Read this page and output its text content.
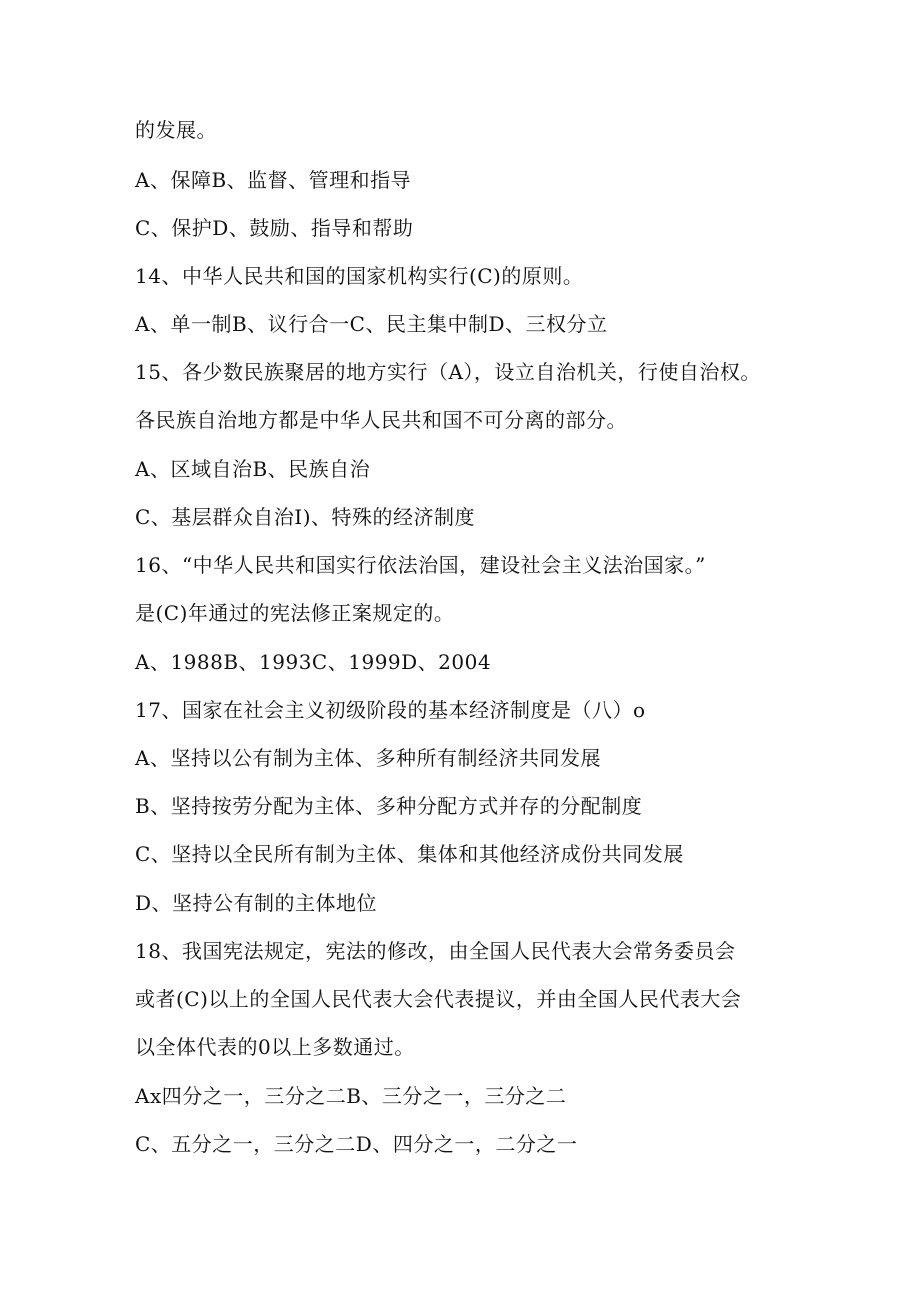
的发展。
A、保障B、监督、管理和指导
C、保护D、鼓励、指导和帮助
14、中华人民共和国的国家机构实行(C)的原则。
A、单一制B、议行合一C、民主集中制D、三权分立
15、各少数民族聚居的地方实行（A），设立自治机关，行使自治权。
各民族自治地方都是中华人民共和国不可分离的部分。
A、区域自治B、民族自治
C、基层群众自治I)、特殊的经济制度
16、“中华人民共和国实行依法治国，建设社会主义法治国家。”
是(C)年通过的宪法修正案规定的。
A、1988B、1993C、1999D、2004
17、国家在社会主义初级阶段的基本经济制度是（八）o
A、坚持以公有制为主体、多种所有制经济共同发展
B、坚持按劳分配为主体、多种分配方式并存的分配制度
C、坚持以全民所有制为主体、集体和其他经济成份共同发展
D、坚持公有制的主体地位
18、我国宪法规定，宪法的修改，由全国人民代表大会常务委员会
或者(C)以上的全国人民代表大会代表提议，并由全国人民代表大会
以全体代表的0以上多数通过。
Ax四分之一，三分之二B、三分之一，三分之二
C、五分之一，三分之二D、四分之一，二分之一
